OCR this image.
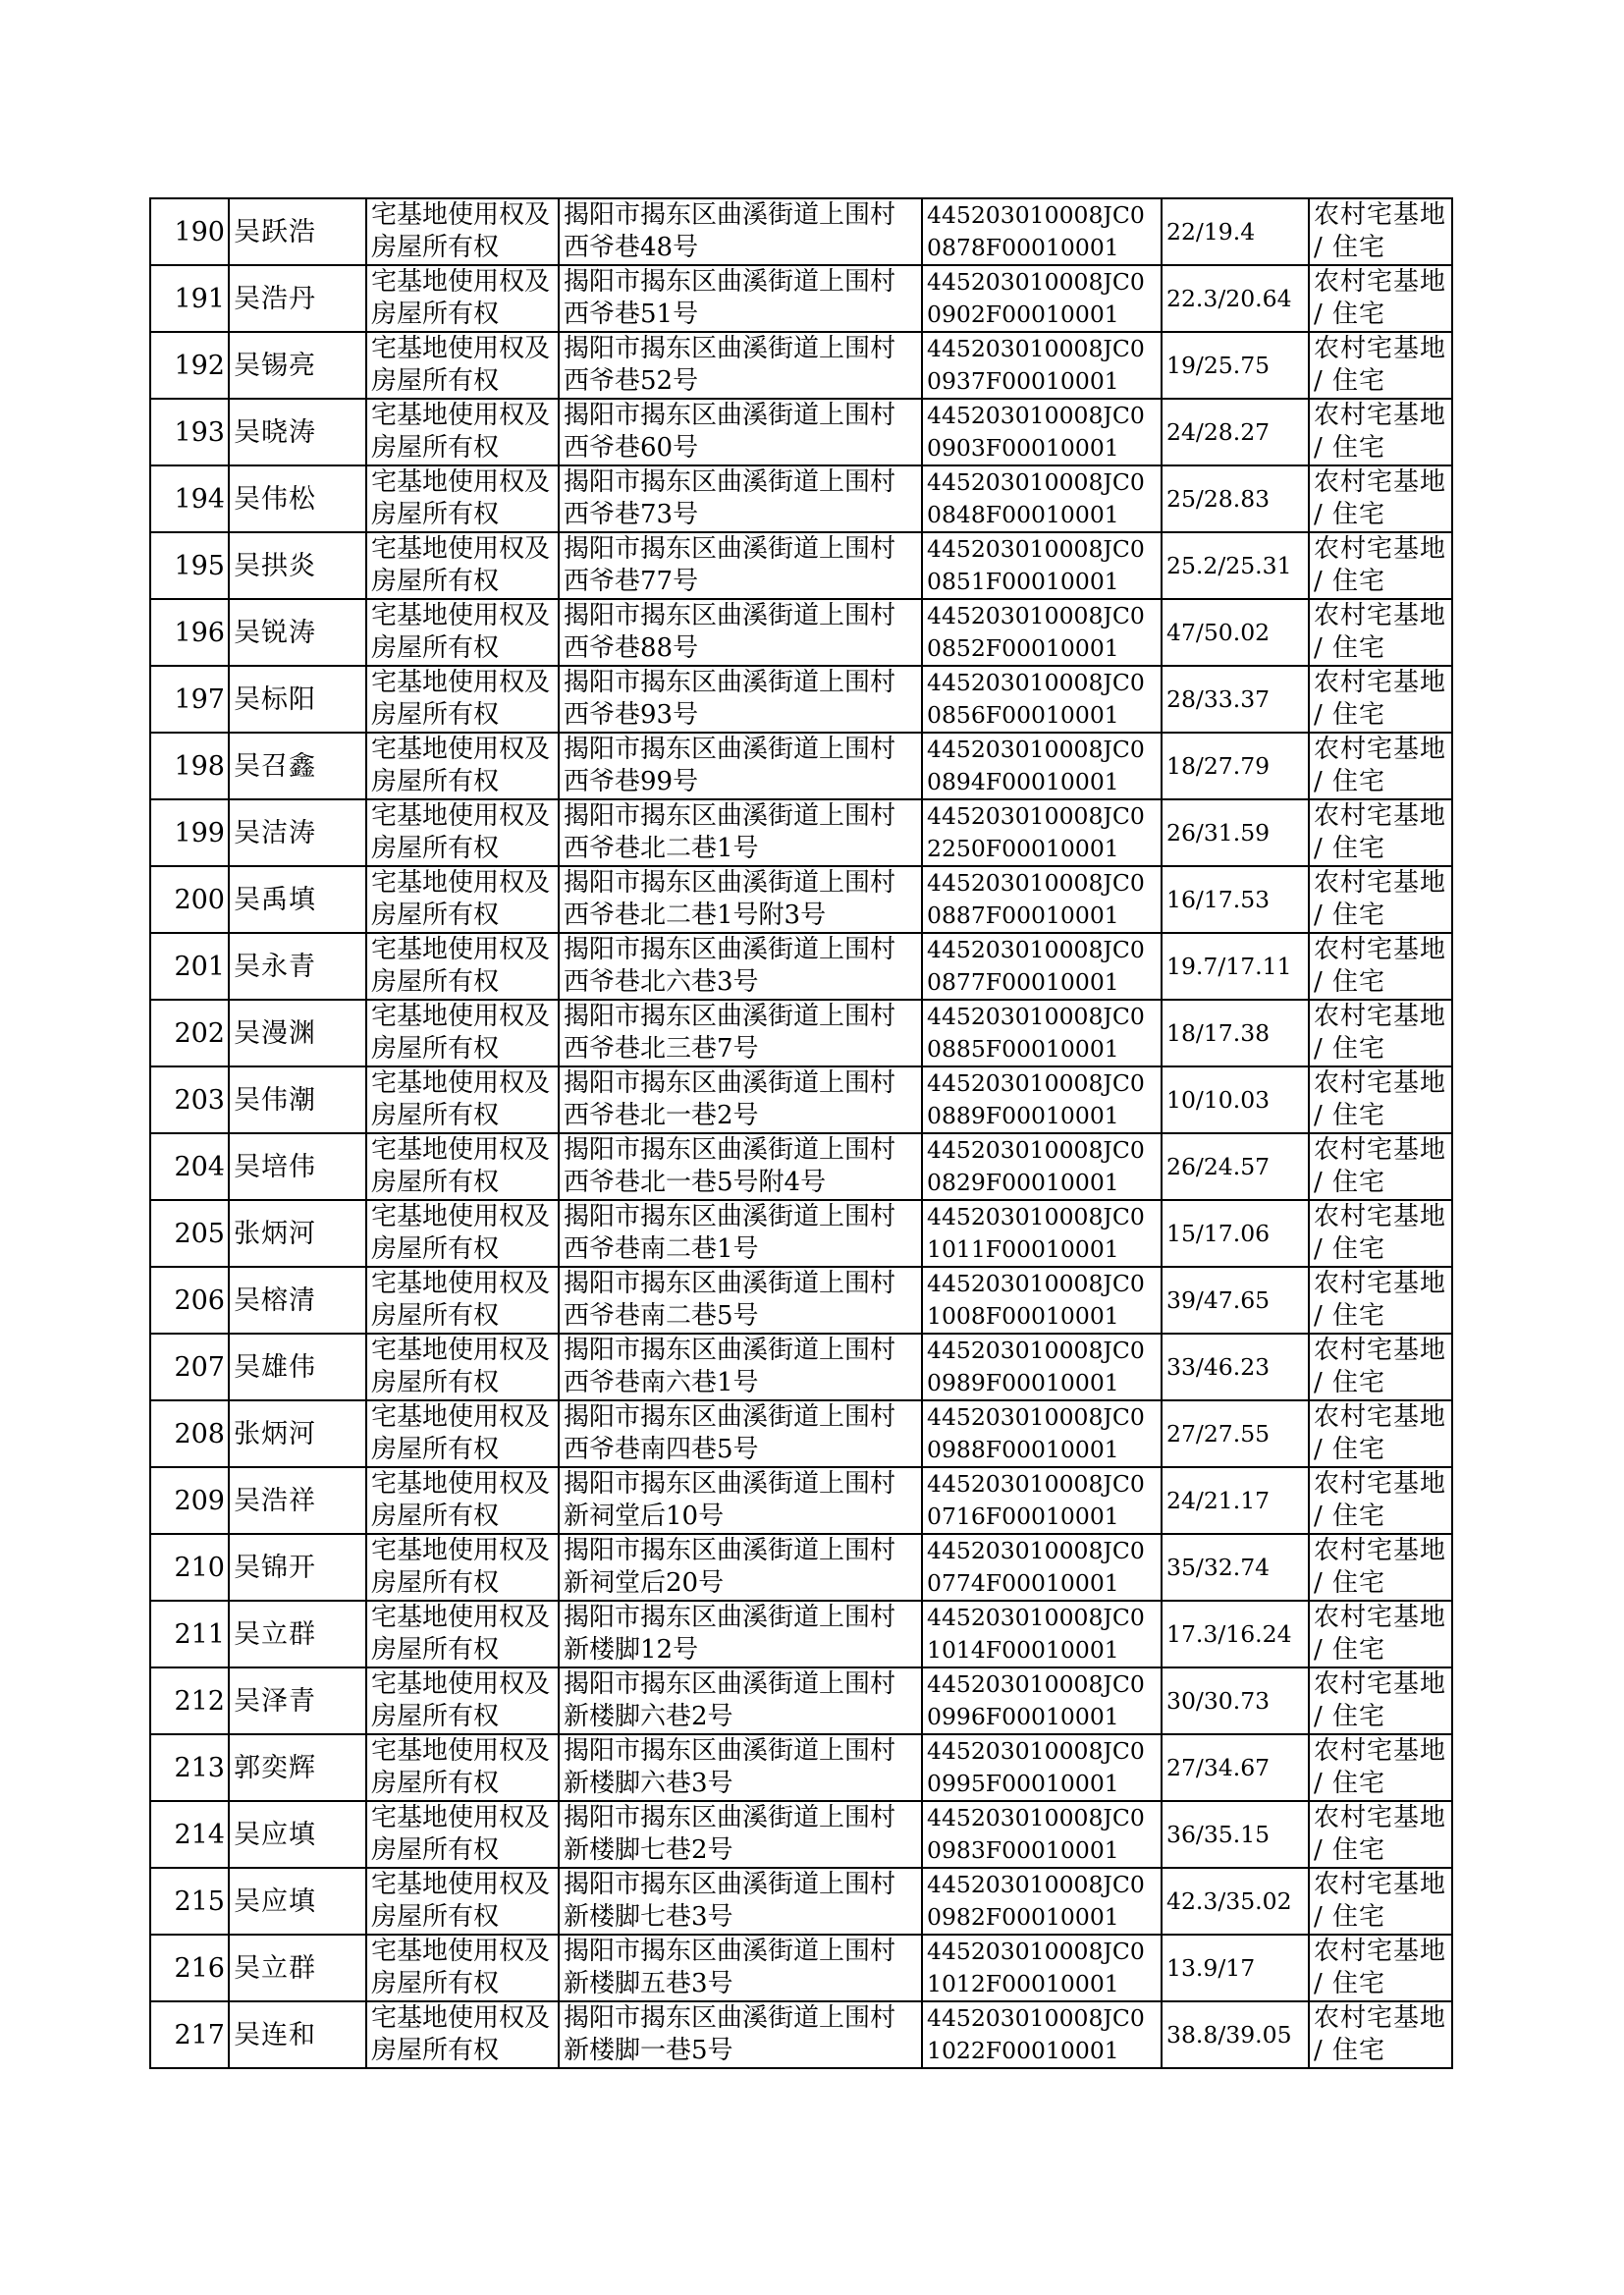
190	吴跃浩	宅基地使用权及房屋所有权	揭阳市揭东区曲溪街道上围村西爷巷48号	445203010008JC00878F00010001	22/19.4	农村宅基地 / 住宅
191	吴浩丹	宅基地使用权及房屋所有权	揭阳市揭东区曲溪街道上围村西爷巷51号	445203010008JC00902F00010001	22.3/20.64	农村宅基地 / 住宅
192	吴锡亮	宅基地使用权及房屋所有权	揭阳市揭东区曲溪街道上围村西爷巷52号	445203010008JC00937F00010001	19/25.75	农村宅基地 / 住宅
193	吴晓涛	宅基地使用权及房屋所有权	揭阳市揭东区曲溪街道上围村西爷巷60号	445203010008JC00903F00010001	24/28.27	农村宅基地 / 住宅
194	吴伟松	宅基地使用权及房屋所有权	揭阳市揭东区曲溪街道上围村西爷巷73号	445203010008JC00848F00010001	25/28.83	农村宅基地 / 住宅
195	吴拱炎	宅基地使用权及房屋所有权	揭阳市揭东区曲溪街道上围村西爷巷77号	445203010008JC00851F00010001	25.2/25.31	农村宅基地 / 住宅
196	吴锐涛	宅基地使用权及房屋所有权	揭阳市揭东区曲溪街道上围村西爷巷88号	445203010008JC00852F00010001	47/50.02	农村宅基地 / 住宅
197	吴标阳	宅基地使用权及房屋所有权	揭阳市揭东区曲溪街道上围村西爷巷93号	445203010008JC00856F00010001	28/33.37	农村宅基地 / 住宅
198	吴召鑫	宅基地使用权及房屋所有权	揭阳市揭东区曲溪街道上围村西爷巷99号	445203010008JC00894F00010001	18/27.79	农村宅基地 / 住宅
199	吴洁涛	宅基地使用权及房屋所有权	揭阳市揭东区曲溪街道上围村西爷巷北二巷1号	445203010008JC02250F00010001	26/31.59	农村宅基地 / 住宅
200	吴禹填	宅基地使用权及房屋所有权	揭阳市揭东区曲溪街道上围村西爷巷北二巷1号附3号	445203010008JC00887F00010001	16/17.53	农村宅基地 / 住宅
201	吴永青	宅基地使用权及房屋所有权	揭阳市揭东区曲溪街道上围村西爷巷北六巷3号	445203010008JC00877F00010001	19.7/17.11	农村宅基地 / 住宅
202	吴漫渊	宅基地使用权及房屋所有权	揭阳市揭东区曲溪街道上围村西爷巷北三巷7号	445203010008JC00885F00010001	18/17.38	农村宅基地 / 住宅
203	吴伟潮	宅基地使用权及房屋所有权	揭阳市揭东区曲溪街道上围村西爷巷北一巷2号	445203010008JC00889F00010001	10/10.03	农村宅基地 / 住宅
204	吴培伟	宅基地使用权及房屋所有权	揭阳市揭东区曲溪街道上围村西爷巷北一巷5号附4号	445203010008JC00829F00010001	26/24.57	农村宅基地 / 住宅
205	张炳河	宅基地使用权及房屋所有权	揭阳市揭东区曲溪街道上围村西爷巷南二巷1号	445203010008JC01011F00010001	15/17.06	农村宅基地 / 住宅
206	吴榕清	宅基地使用权及房屋所有权	揭阳市揭东区曲溪街道上围村西爷巷南二巷5号	445203010008JC01008F00010001	39/47.65	农村宅基地 / 住宅
207	吴雄伟	宅基地使用权及房屋所有权	揭阳市揭东区曲溪街道上围村西爷巷南六巷1号	445203010008JC00989F00010001	33/46.23	农村宅基地 / 住宅
208	张炳河	宅基地使用权及房屋所有权	揭阳市揭东区曲溪街道上围村西爷巷南四巷5号	445203010008JC00988F00010001	27/27.55	农村宅基地 / 住宅
209	吴浩祥	宅基地使用权及房屋所有权	揭阳市揭东区曲溪街道上围村新祠堂后10号	445203010008JC00716F00010001	24/21.17	农村宅基地 / 住宅
210	吴锦开	宅基地使用权及房屋所有权	揭阳市揭东区曲溪街道上围村新祠堂后20号	445203010008JC00774F00010001	35/32.74	农村宅基地 / 住宅
211	吴立群	宅基地使用权及房屋所有权	揭阳市揭东区曲溪街道上围村新楼脚12号	445203010008JC01014F00010001	17.3/16.24	农村宅基地 / 住宅
212	吴泽青	宅基地使用权及房屋所有权	揭阳市揭东区曲溪街道上围村新楼脚六巷2号	445203010008JC00996F00010001	30/30.73	农村宅基地 / 住宅
213	郭奕辉	宅基地使用权及房屋所有权	揭阳市揭东区曲溪街道上围村新楼脚六巷3号	445203010008JC00995F00010001	27/34.67	农村宅基地 / 住宅
214	吴应填	宅基地使用权及房屋所有权	揭阳市揭东区曲溪街道上围村新楼脚七巷2号	445203010008JC00983F00010001	36/35.15	农村宅基地 / 住宅
215	吴应填	宅基地使用权及房屋所有权	揭阳市揭东区曲溪街道上围村新楼脚七巷3号	445203010008JC00982F00010001	42.3/35.02	农村宅基地 / 住宅
216	吴立群	宅基地使用权及房屋所有权	揭阳市揭东区曲溪街道上围村新楼脚五巷3号	445203010008JC01012F00010001	13.9/17	农村宅基地 / 住宅
217	吴连和	宅基地使用权及房屋所有权	揭阳市揭东区曲溪街道上围村新楼脚一巷5号	445203010008JC01022F00010001	38.8/39.05	农村宅基地 / 住宅
